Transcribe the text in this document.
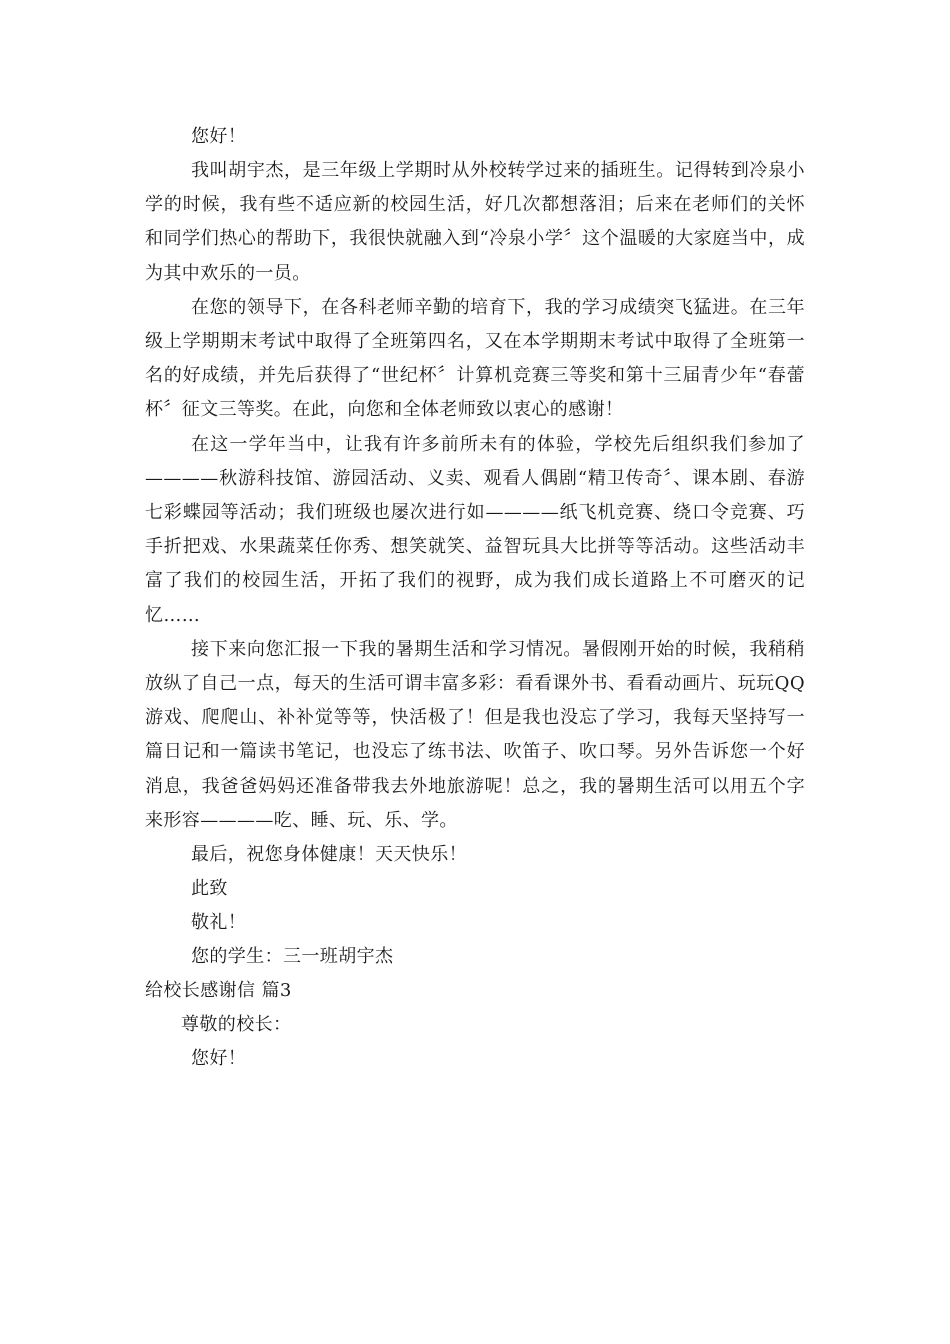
您好！

我叫胡宇杰，是三年级上学期时从外校转学过来的插班生。记得转到冷泉小学的时候，我有些不适应新的校园生活，好几次都想落泪；后来在老师们的关怀和同学们热心的帮助下，我很快就融入到“冷泉小学〞这个温暖的大家庭当中，成为其中欢乐的一员。

在您的领导下，在各科老师辛勤的培育下，我的学习成绩突飞猛进。在三年级上学期期末考试中取得了全班第四名，又在本学期期末考试中取得了全班第一名的好成绩，并先后获得了“世纪杯〞计算机竞赛三等奖和第十三届青少年“春蕾杯〞征文三等奖。在此，向您和全体老师致以衷心的感谢！

在这一学年当中，让我有许多前所未有的体验，学校先后组织我们参加了————秋游科技馆、游园活动、义卖、观看人偶剧“精卫传奇〞、课本剧、春游七彩蝶园等活动；我们班级也屡次进行如————纸飞机竞赛、绕口令竞赛、巧手折把戏、水果蔬菜任你秀、想笑就笑、益智玩具大比拼等等活动。这些活动丰富了我们的校园生活，开拓了我们的视野，成为我们成长道路上不可磨灭的记忆……

接下来向您汇报一下我的暑期生活和学习情况。暑假刚开始的时候，我稍稍放纵了自己一点，每天的生活可谓丰富多彩：看看课外书、看看动画片、玩玩QQ游戏、爬爬山、补补觉等等，快活极了！但是我也没忘了学习，我每天坚持写一篇日记和一篇读书笔记，也没忘了练书法、吹笛子、吹口琴。另外告诉您一个好消息，我爸爸妈妈还准备带我去外地旅游呢！总之，我的暑期生活可以用五个字来形容————吃、睡、玩、乐、学。

最后，祝您身体健康！天天快乐！
此致
敬礼！
您的学生：三一班胡宇杰
给校长感谢信 篇3
尊敬的校长：
您好！
